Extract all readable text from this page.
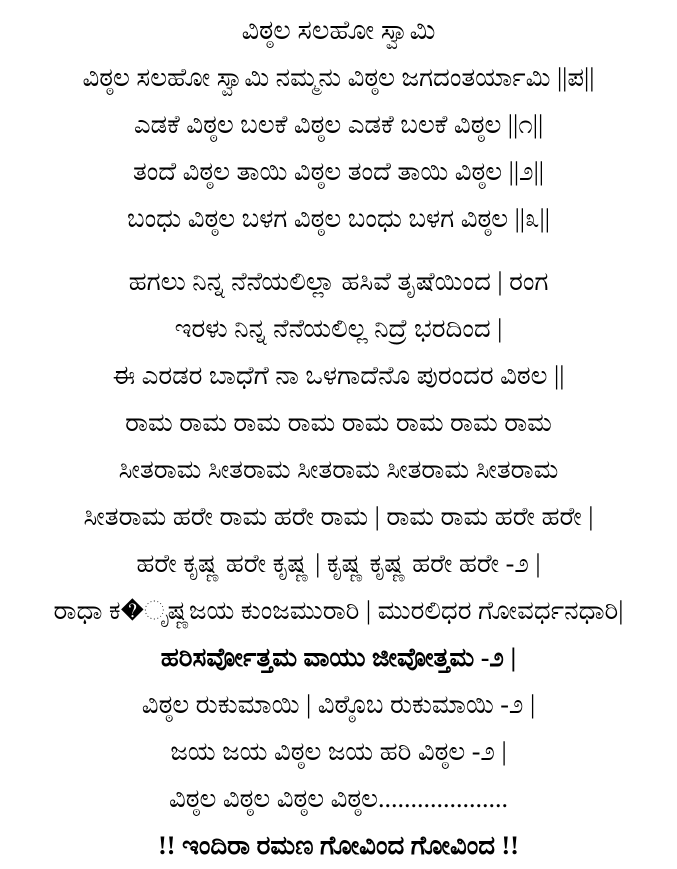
ವಿಠ್ಠಲ ಸಲಹೋ ಸ್ವಾಮಿ
ವಿಠ್ಠಲ ಸಲಹೋ ಸ್ವಾಮಿ ನಮ್ಮನು ವಿಠ್ಠಲ ಜಗದಂತರ್ಯಾಮಿ ||ಪ||
ಎಡಕೆ ವಿಠ್ಠಲ ಬಲಕೆ ವಿಠ್ಠಲ ಎಡಕೆ ಬಲಕೆ ವಿಠ್ಠಲ ||೧||
ತಂದೆ ವಿಠ್ಠಲ ತಾಯಿ ವಿಠ್ಠಲ ತಂದೆ ತಾಯಿ ವಿಠ್ಠಲ ||೨||
ಬಂಧು ವಿಠ್ಠಲ ಬಳಗ ವಿಠ್ಠಲ ಬಂಧು ಬಳಗ ವಿಠ್ಠಲ ||೩||
ಹಗಲು ನಿನ್ನ ನೆನೆಯಲಿಲ್ಲಾ ಹಸಿವೆ ತೃಷೆಯಿಂದ | ರಂಗ
ಇರಳು ನಿನ್ನ ನೆನೆಯಲಿಲ್ಲ ನಿದ್ರೆ ಭರದಿಂದ |
ಈ ಎರಡರ ಬಾಧೆಗೆ ನಾ ಒಳಗಾದೆನೊ ಪುರಂದರ ವಿಠಲ ||
ರಾಮ ರಾಮ ರಾಮ ರಾಮ ರಾಮ ರಾಮ ರಾಮ ರಾಮ
ಸೀತರಾಮ ಸೀತರಾಮ ಸೀತರಾಮ ಸೀತರಾಮ ಸೀತರಾಮ
ಸೀತರಾಮ ಹರೇ ರಾಮ ಹರೇ ರಾಮ | ರಾಮ ರಾಮ ಹರೇ ಹರೇ |
ಹರೇ ಕೃಷ್ಣ ಹರೇ ಕೃಷ್ಣ | ಕೃಷ್ಣ ಕೃಷ್ಣ ಹರೇ ಹರೇ -೨ |
ರಾಧಾ ಕ�ೃಷ್ಣಜಯ ಕುಂಜಮುರಾರಿ | ಮುರಲಿಧರ ಗೋವರ್ಧನಧಾರಿ|
ಹರಿಸರ್ವೋತ್ತಮ ವಾಯು ಜೀವೋತ್ತಮ -೨ |
ವಿಠ್ಠಲ ರುಕುಮಾಯಿ | ವಿಠ್ಠೊಬ ರುಕುಮಾಯಿ -೨ |
ಜಯ ಜಯ ವಿಠ್ಠಲ ಜಯ ಹರಿ ವಿಠ್ಠಲ -೨ |
ವಿಠ್ಠಲ ವಿಠ್ಠಲ ವಿಠ್ಠಲ ವಿಠ್ಠಲ....................
!! ಇಂದಿರಾ ರಮಣ ಗೋವಿಂದ ಗೋವಿಂದ !!
